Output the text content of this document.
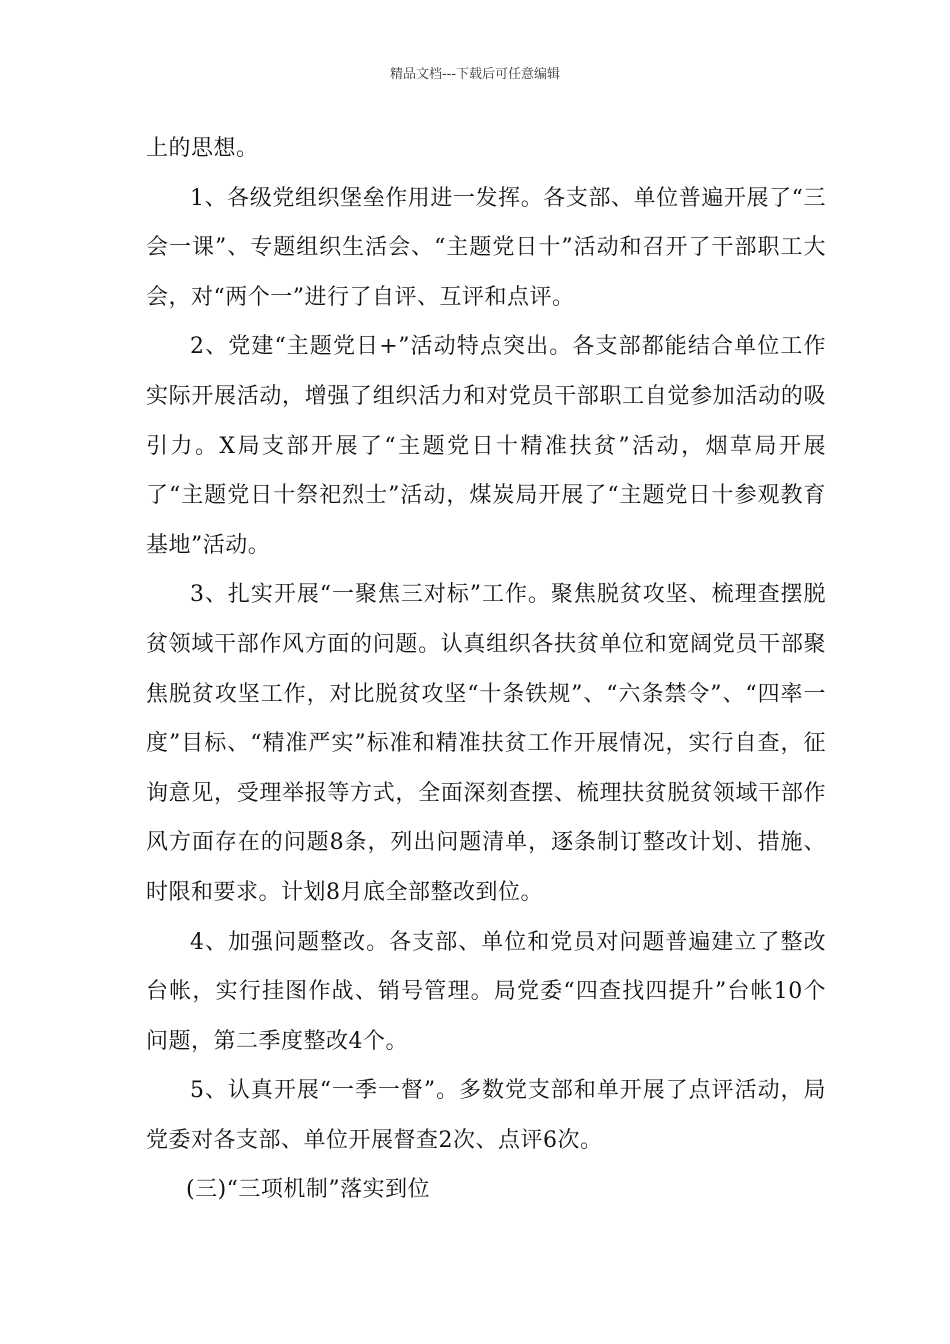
精品文档---下载后可任意编辑

上的思想。

1、各级党组织堡垒作用进一发挥。各支部、单位普遍开展了“三会一课”、专题组织生活会、“主题党日十”活动和召开了干部职工大会，对“两个一”进行了自评、互评和点评。

2、党建“主题党日+”活动特点突出。各支部都能结合单位工作实际开展活动，增强了组织活力和对党员干部职工自觉参加活动的吸引力。X局支部开展了“主题党日十精准扶贫”活动，烟草局开展了“主题党日十祭祀烈士”活动，煤炭局开展了“主题党日十参观教育基地”活动。

3、扎实开展“一聚焦三对标”工作。聚焦脱贫攻坚、梳理查摆脱贫领域干部作风方面的问题。认真组织各扶贫单位和宽阔党员干部聚焦脱贫攻坚工作，对比脱贫攻坚“十条铁规”、“六条禁令”、“四率一度”目标、“精准严实”标准和精准扶贫工作开展情况，实行自查，征询意见，受理举报等方式，全面深刻查摆、梳理扶贫脱贫领域干部作风方面存在的问题8条，列出问题清单，逐条制订整改计划、措施、时限和要求。计划8月底全部整改到位。

4、加强问题整改。各支部、单位和党员对问题普遍建立了整改台帐，实行挂图作战、销号管理。局党委“四查找四提升”台帐10个问题，第二季度整改4个。

5、认真开展“一季一督”。多数党支部和单开展了点评活动，局党委对各支部、单位开展督查2次、点评6次。

(三)“三项机制”落实到位
